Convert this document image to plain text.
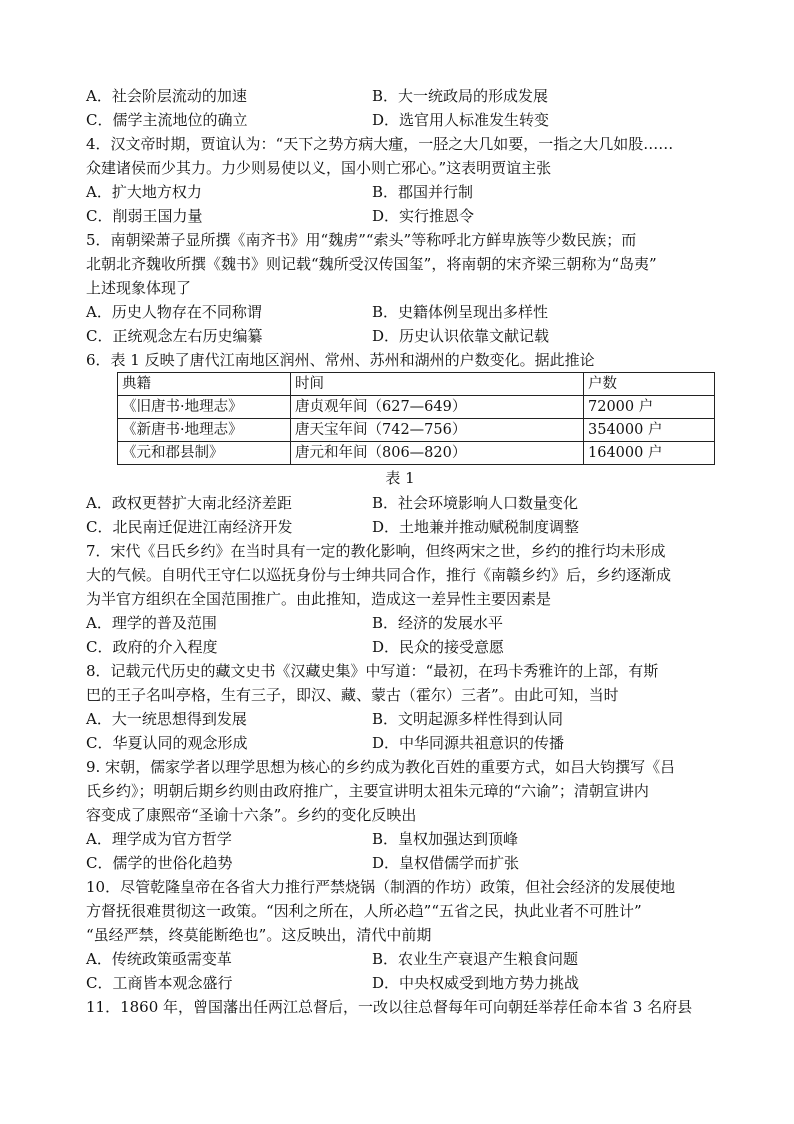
A．社会阶层流动的加速	B．大一统政局的形成发展
C．儒学主流地位的确立	D．选官用人标准发生转变
4．汉文帝时期，贾谊认为：“天下之势方病大瘇，一胫之大几如要，一指之大几如股……
众建诸侯而少其力。力少则易使以义，国小则亡邪心。”这表明贾谊主张
A．扩大地方权力	B．郡国并行制
C．削弱王国力量	D．实行推恩令
5．南朝梁萧子显所撰《南齐书》用“魏虏”“索头”等称呼北方鲜卑族等少数民族；而
北朝北齐魏收所撰《魏书》则记载“魏所受汉传国玺”，将南朝的宋齐梁三朝称为“岛夷”
上述现象体现了
A．历史人物存在不同称谓	B．史籍体例呈现出多样性
C．正统观念左右历史编纂	D．历史认识依靠文献记载
6．表 1 反映了唐代江南地区润州、常州、苏州和湖州的户数变化。据此推论
典籍	时间	户数
《旧唐书·地理志》	唐贞观年间（627—649）	72000 户
《新唐书·地理志》	唐天宝年间（742—756）	354000 户
《元和郡县制》	唐元和年间（806—820）	164000 户
表 1
A．政权更替扩大南北经济差距	B．社会环境影响人口数量变化
C．北民南迁促进江南经济开发	D．土地兼并推动赋税制度调整
7．宋代《吕氏乡约》在当时具有一定的教化影响，但终两宋之世，乡约的推行均未形成
大的气候。自明代王守仁以巡抚身份与士绅共同合作，推行《南赣乡约》后，乡约逐渐成
为半官方组织在全国范围推广。由此推知，造成这一差异性主要因素是
A．理学的普及范围	B．经济的发展水平
C．政府的介入程度	D．民众的接受意愿
8．记载元代历史的藏文史书《汉藏史集》中写道：“最初，在玛卡秀雅许的上部，有斯
巴的王子名叫亭格，生有三子，即汉、藏、蒙古（霍尔）三者”。由此可知，当时
A．大一统思想得到发展	B．文明起源多样性得到认同
C．华夏认同的观念形成	D．中华同源共祖意识的传播
9. 宋朝，儒家学者以理学思想为核心的乡约成为教化百姓的重要方式，如吕大钧撰写《吕
氏乡约》；明朝后期乡约则由政府推广，主要宣讲明太祖朱元璋的“六谕”；清朝宣讲内
容变成了康熙帝“圣谕十六条”。乡约的变化反映出
A．理学成为官方哲学	B．皇权加强达到顶峰
C．儒学的世俗化趋势	D．皇权借儒学而扩张
10．尽管乾隆皇帝在各省大力推行严禁烧锅（制酒的作坊）政策，但社会经济的发展使地
方督抚很难贯彻这一政策。“因利之所在，人所必趋”“五省之民，执此业者不可胜计”
“虽经严禁，终莫能断绝也”。这反映出，清代中前期
A．传统政策亟需变革	B．农业生产衰退产生粮食问题
C．工商皆本观念盛行	D．中央权威受到地方势力挑战
11．1860 年，曾国藩出任两江总督后，一改以往总督每年可向朝廷举荐任命本省 3 名府县
